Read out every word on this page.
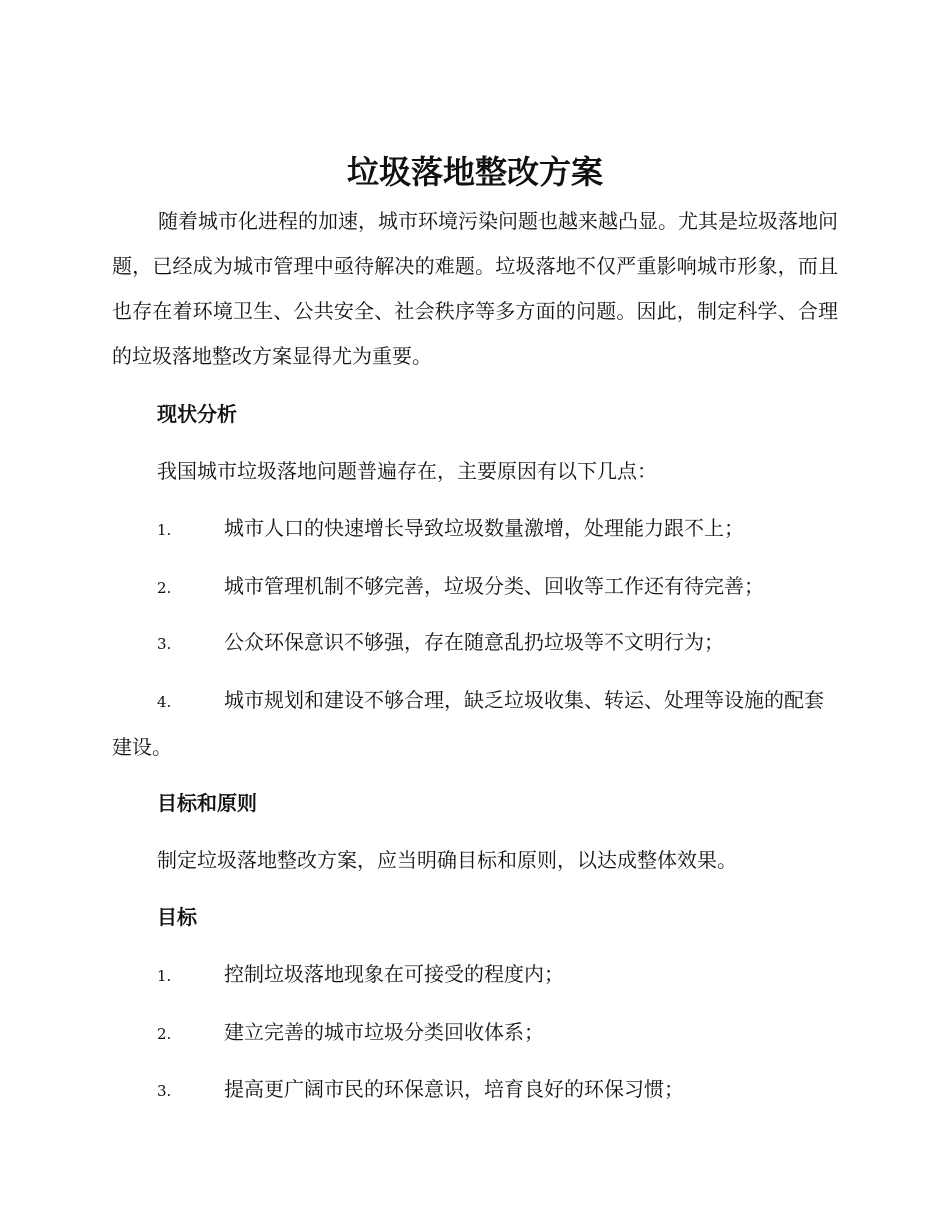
垃圾落地整改方案

随着城市化进程的加速，城市环境污染问题也越来越凸显。尤其是垃圾落地问题，已经成为城市管理中亟待解决的难题。垃圾落地不仅严重影响城市形象，而且也存在着环境卫生、公共安全、社会秩序等多方面的问题。因此，制定科学、合理的垃圾落地整改方案显得尤为重要。

现状分析

我国城市垃圾落地问题普遍存在，主要原因有以下几点：

1.	城市人口的快速增长导致垃圾数量激增，处理能力跟不上；
2.	城市管理机制不够完善，垃圾分类、回收等工作还有待完善；
3.	公众环保意识不够强，存在随意乱扔垃圾等不文明行为；
4.	城市规划和建设不够合理，缺乏垃圾收集、转运、处理等设施的配套建设。

目标和原则

制定垃圾落地整改方案，应当明确目标和原则，以达成整体效果。

目标

1.	控制垃圾落地现象在可接受的程度内；
2.	建立完善的城市垃圾分类回收体系；
3.	提高更广阔市民的环保意识，培育良好的环保习惯；
